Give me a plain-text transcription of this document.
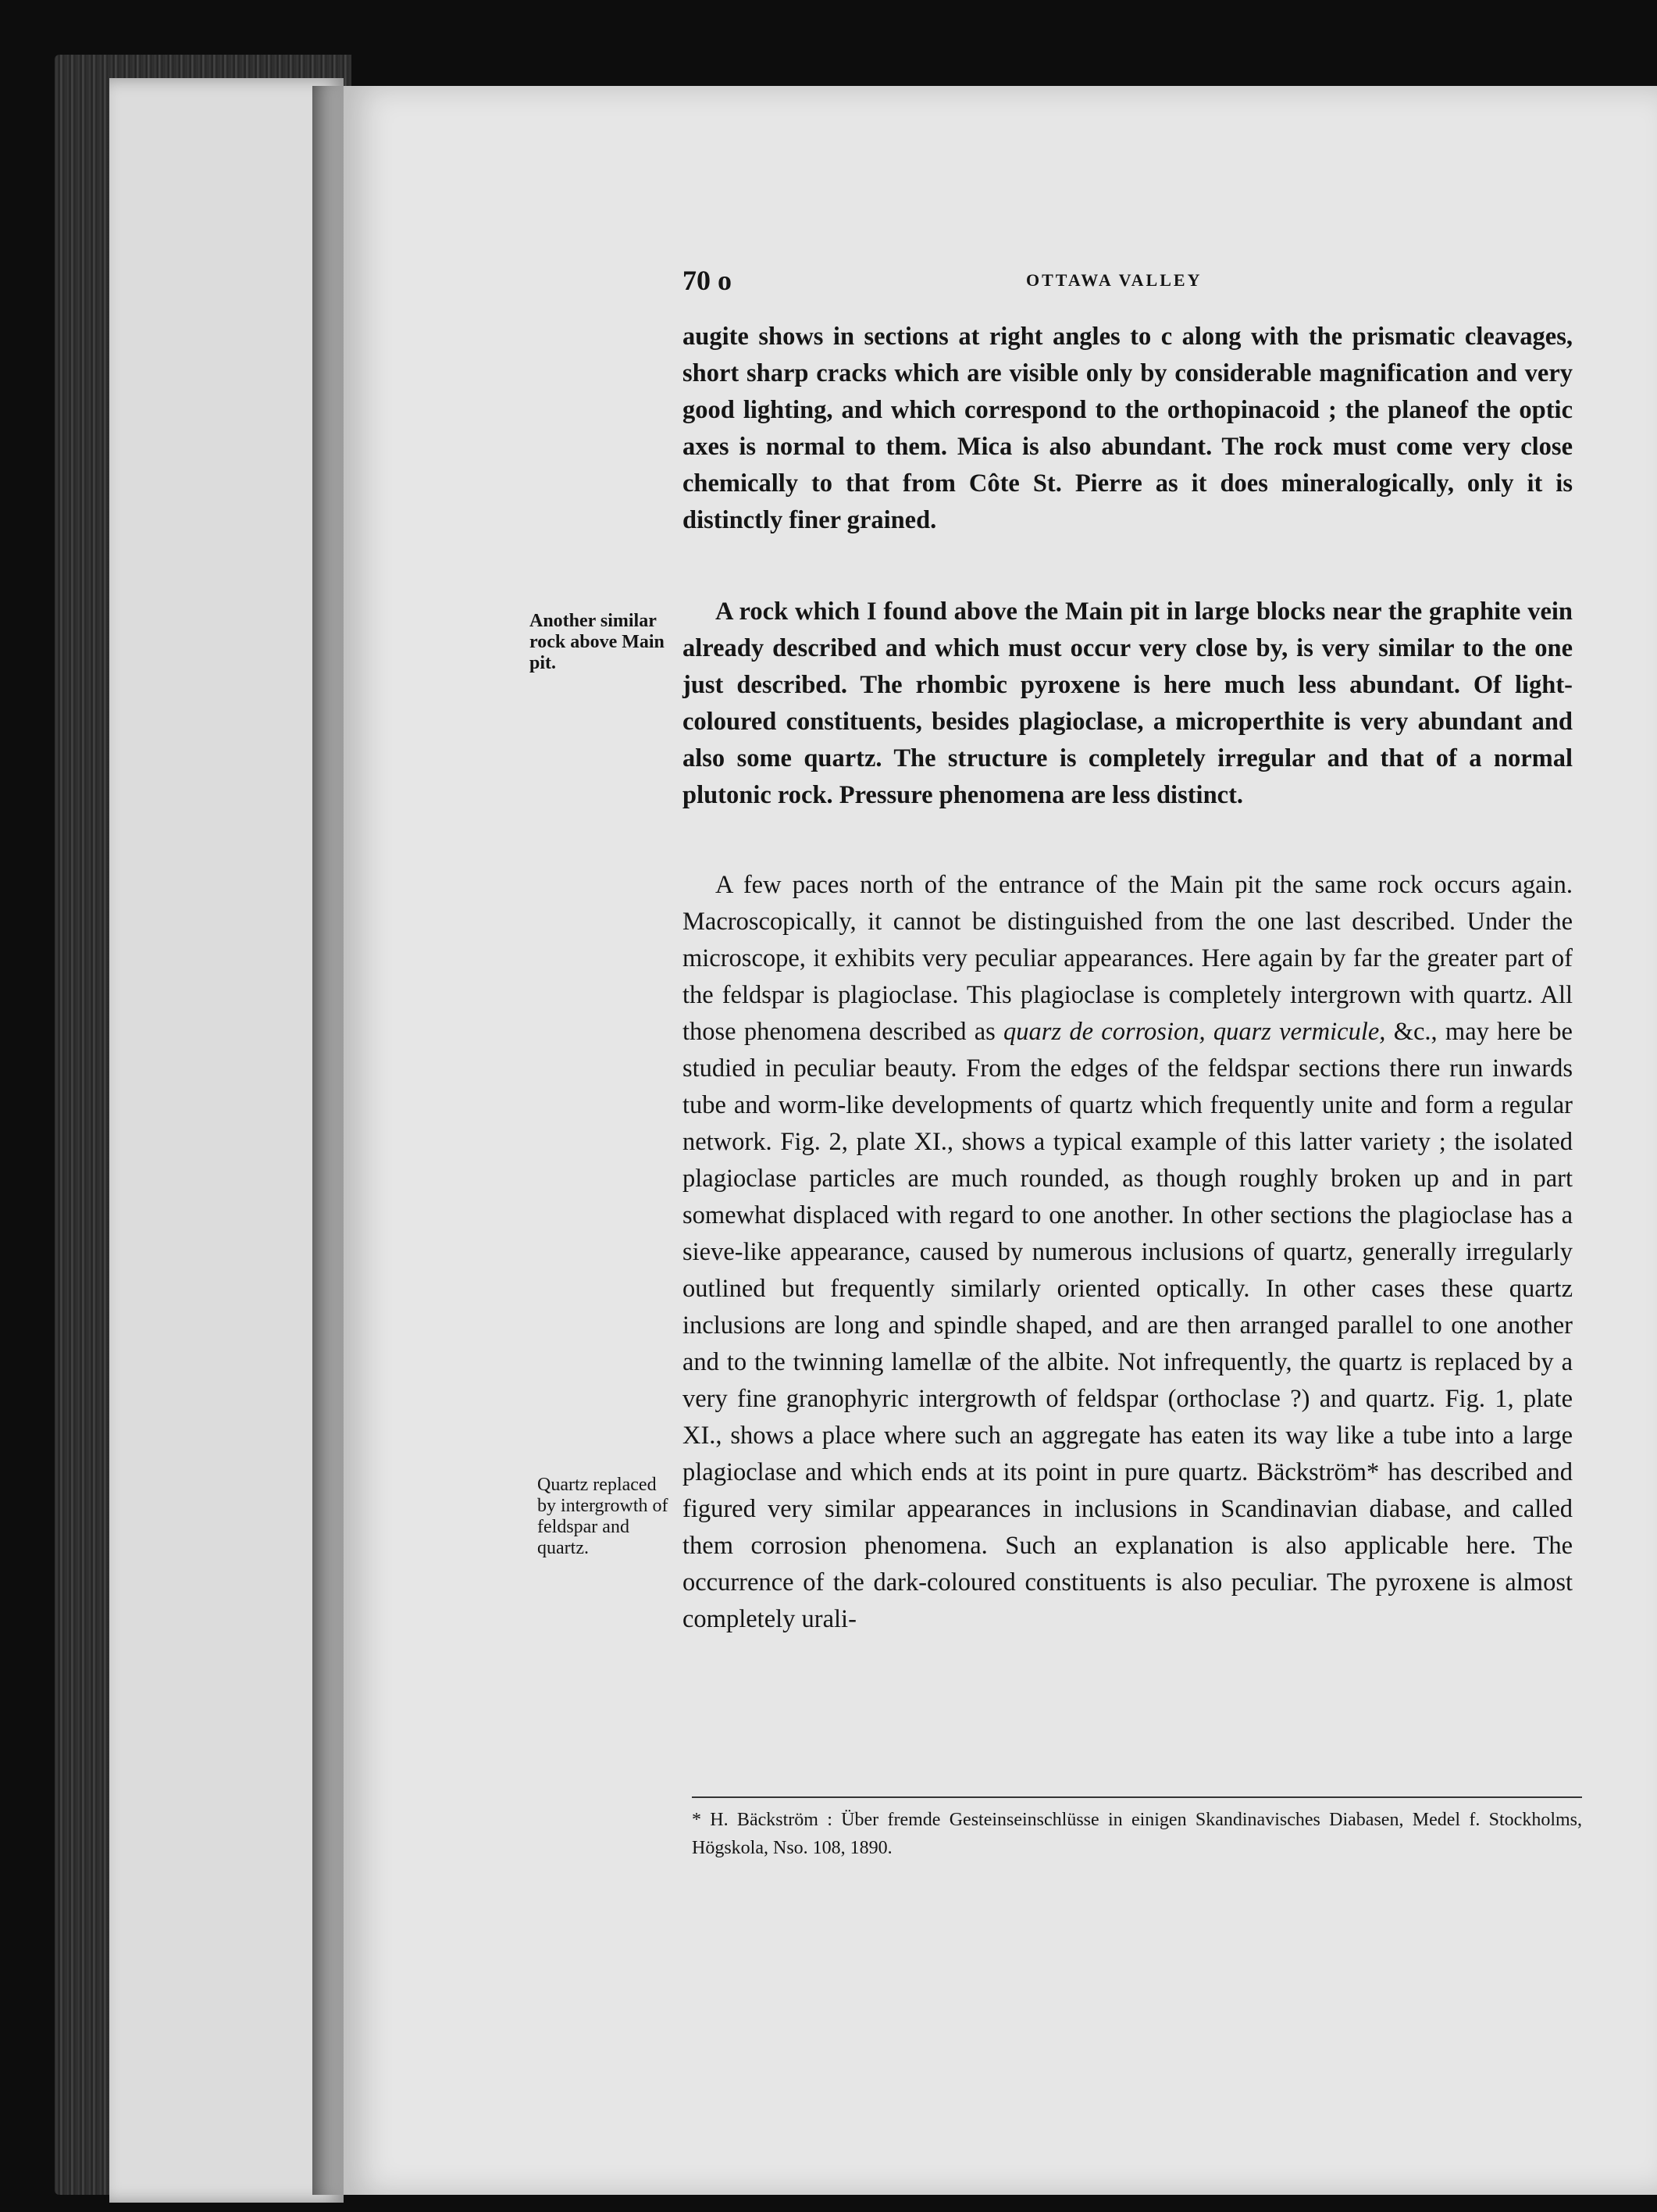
70 o	OTTAWA VALLEY

augite shows in sections at right angles to c along with the prismatic cleavages, short sharp cracks which are visible only by considerable magnification and very good lighting, and which correspond to the orthopinacoid ; the planeof the optic axes is normal to them. Mica is also abundant. The rock must come very close chemically to that from Côte St. Pierre as it does mineralogically, only it is distinctly finer grained.

Another similar rock above Main pit.

A rock which I found above the Main pit in large blocks near the graphite vein already described and which must occur very close by, is very similar to the one just described. The rhombic pyroxene is here much less abundant. Of light-coloured constituents, besides plagioclase, a microperthite is very abundant and also some quartz. The structure is completely irregular and that of a normal plutonic rock. Pressure phenomena are less distinct.

A few paces north of the entrance of the Main pit the same rock occurs again. Macroscopically, it cannot be distinguished from the one last described. Under the microscope, it exhibits very peculiar appearances. Here again by far the greater part of the feldspar is plagioclase. This plagioclase is completely intergrown with quartz. All those phenomena described as quarz de corrosion, quarz vermicule, &c., may here be studied in peculiar beauty. From the edges of the feldspar sections there run inwards tube and worm-like developments of quartz which frequently unite and form a regular network. Fig. 2, plate XI., shows a typical example of this latter variety ; the isolated plagioclase particles are much rounded, as though roughly broken up and in part somewhat displaced with regard to one another. In other sections the plagioclase has a sieve-like appearance, caused by numerous inclusions of quartz, generally irregularly outlined but frequently similarly oriented optically. In other cases these quartz inclusions are long and spindle shaped, and are then arranged parallel to one another and to the twinning lamellæ of the albite. Not infrequently, the quartz is replaced by a very fine granophyric intergrowth of feldspar (orthoclase ?) and quartz. Fig. 1, plate XI., shows a place where such an aggregate has eaten its way like a tube into a large plagioclase and which ends at its point in pure quartz. Bäckström* has described and figured very similar appearances in inclusions in Scandinavian diabase, and called them corrosion phenomena. Such an explanation is also applicable here. The occurrence of the dark-coloured constituents is also peculiar. The pyroxene is almost completely urali-

Quartz replaced by intergrowth of feldspar and quartz.

* H. Bäckström : Über fremde Gesteinseinschlüsse in einigen Skandinavisches Diabasen, Medel f. Stockholms, Högskola, Nso. 108, 1890.
